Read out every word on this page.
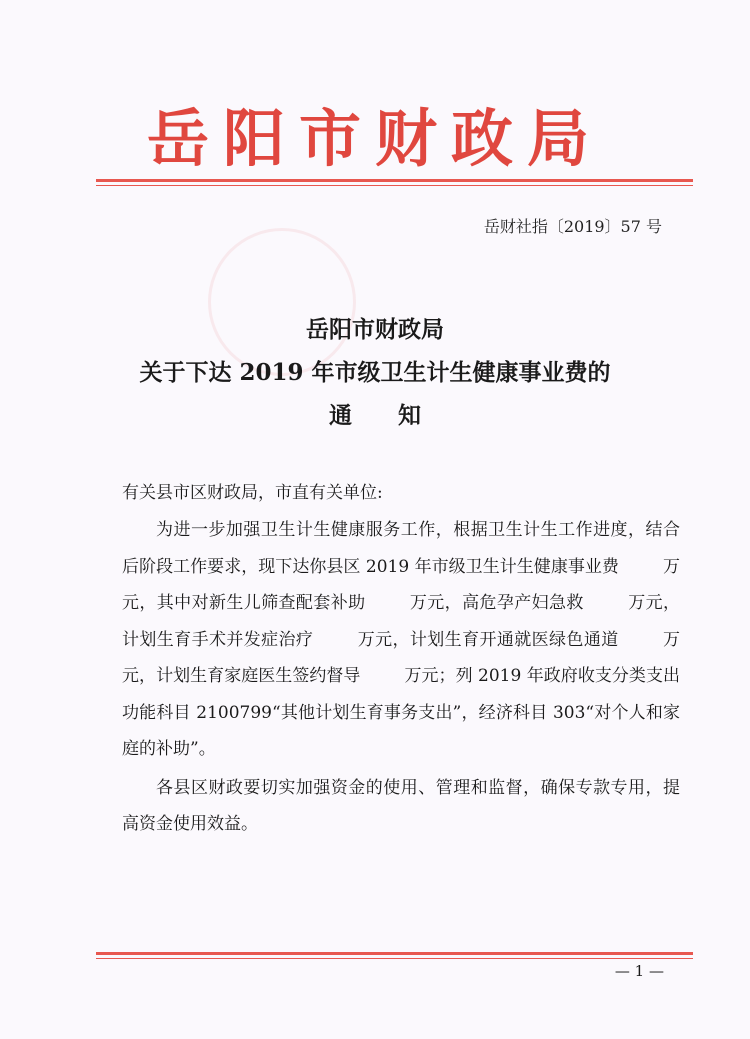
岳阳市财政局
岳财社指〔2019〕57 号
岳阳市财政局
关于下达 2019 年市级卫生计生健康事业费的
通知
有关县市区财政局，市直有关单位:

为进一步加强卫生计生健康服务工作，根据卫生计生工作进度，结合后阶段工作要求，现下达你县区 2019 年市级卫生计生健康事业费	万元，其中对新生儿筛查配套补助	万元，高危孕产妇急救	万元，计划生育手术并发症治疗	万元，计划生育开通就医绿色通道	万元，计划生育家庭医生签约督导	万元；列 2019 年政府收支分类支出功能科目 2100799“其他计划生育事务支出”，经济科目 303“对个人和家庭的补助”。

各县区财政要切实加强资金的使用、管理和监督，确保专款专用，提高资金使用效益。

— 1 —
